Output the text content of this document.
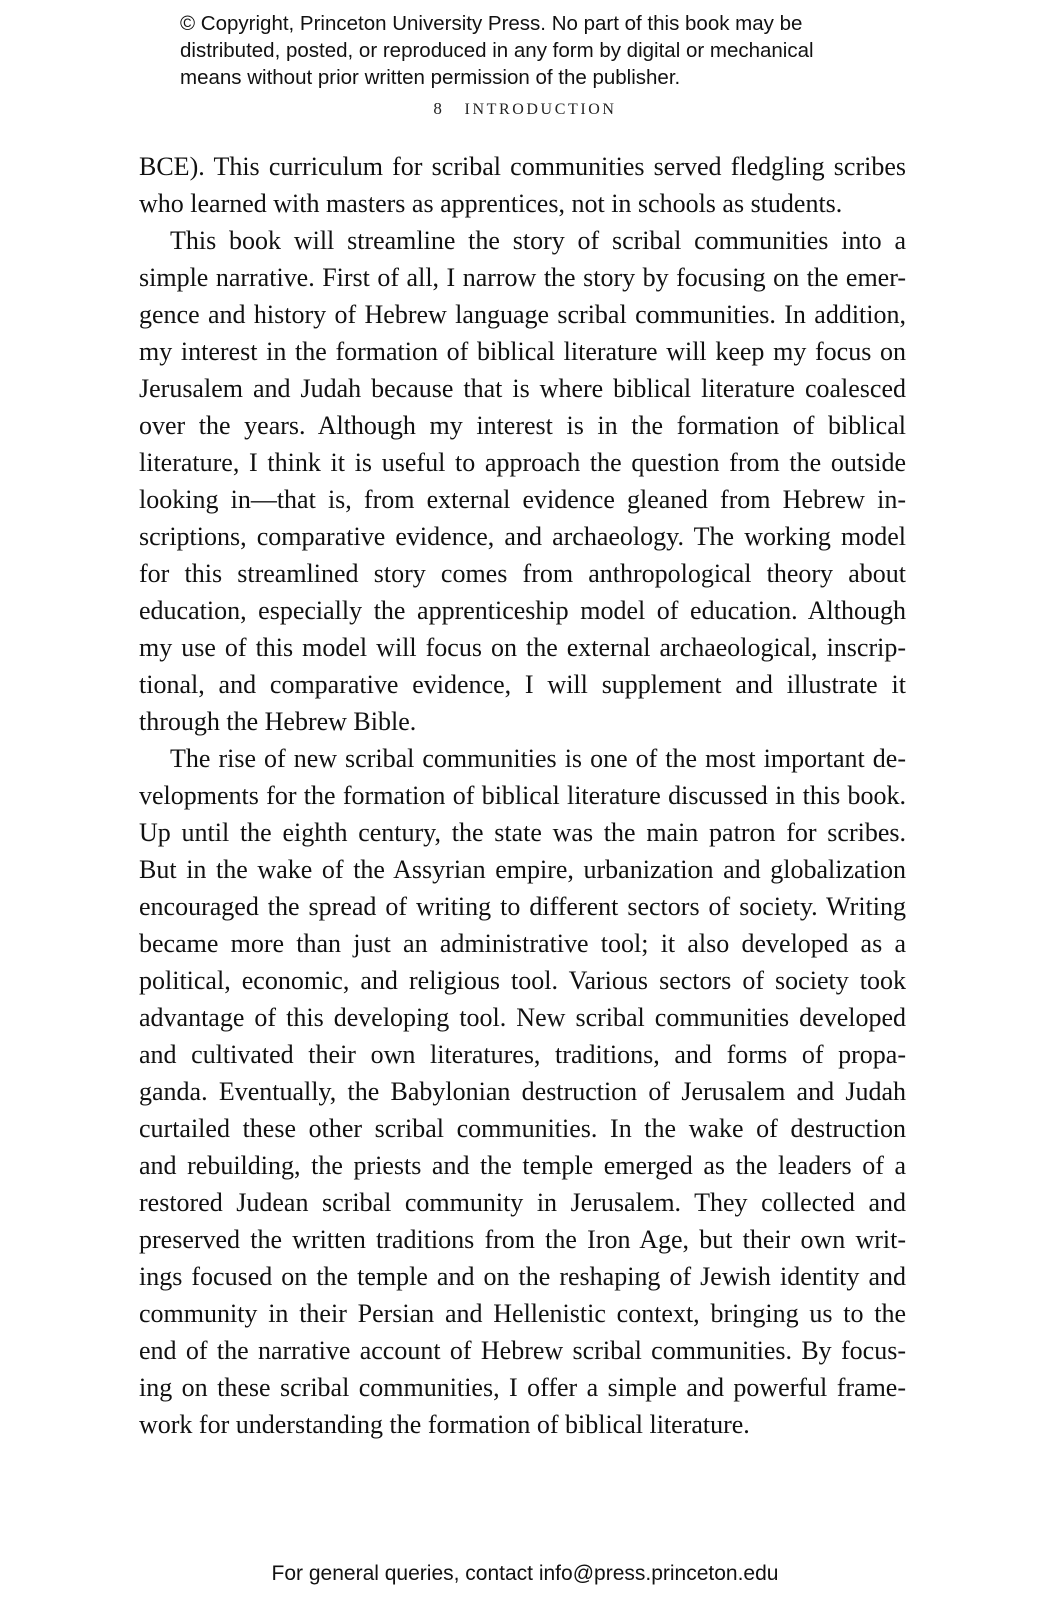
© Copyright, Princeton University Press. No part of this book may be
distributed, posted, or reproduced in any form by digital or mechanical
means without prior written permission of the publisher.
8 INTRODUCTION
BCE). This curriculum for scribal communities served fledgling scribes
who learned with masters as apprentices, not in schools as students.
This book will streamline the story of scribal communities into a
simple narrative. First of all, I narrow the story by focusing on the emer-
gence and history of Hebrew language scribal communities. In addition,
my interest in the formation of biblical literature will keep my focus on
Jerusalem and Judah because that is where biblical literature coalesced
over the years. Although my interest is in the formation of biblical
literature, I think it is useful to approach the question from the outside
looking in—that is, from external evidence gleaned from Hebrew in-
scriptions, comparative evidence, and archaeology. The working model
for this streamlined story comes from anthropological theory about
education, especially the apprenticeship model of education. Although
my use of this model will focus on the external archaeological, inscrip-
tional, and comparative evidence, I will supplement and illustrate it
through the Hebrew Bible.
The rise of new scribal communities is one of the most important de-
velopments for the formation of biblical literature discussed in this book.
Up until the eighth century, the state was the main patron for scribes.
But in the wake of the Assyrian empire, urbanization and globalization
encouraged the spread of writing to different sectors of society. Writing
became more than just an administrative tool; it also developed as a
political, economic, and religious tool. Various sectors of society took
advantage of this developing tool. New scribal communities developed
and cultivated their own literatures, traditions, and forms of propa-
ganda. Eventually, the Babylonian destruction of Jerusalem and Judah
curtailed these other scribal communities. In the wake of destruction
and rebuilding, the priests and the temple emerged as the leaders of a
restored Judean scribal community in Jerusalem. They collected and
preserved the written traditions from the Iron Age, but their own writ-
ings focused on the temple and on the reshaping of Jewish identity and
community in their Persian and Hellenistic context, bringing us to the
end of the narrative account of Hebrew scribal communities. By focus-
ing on these scribal communities, I offer a simple and powerful frame-
work for understanding the formation of biblical literature.
For general queries, contact info@press.princeton.edu
